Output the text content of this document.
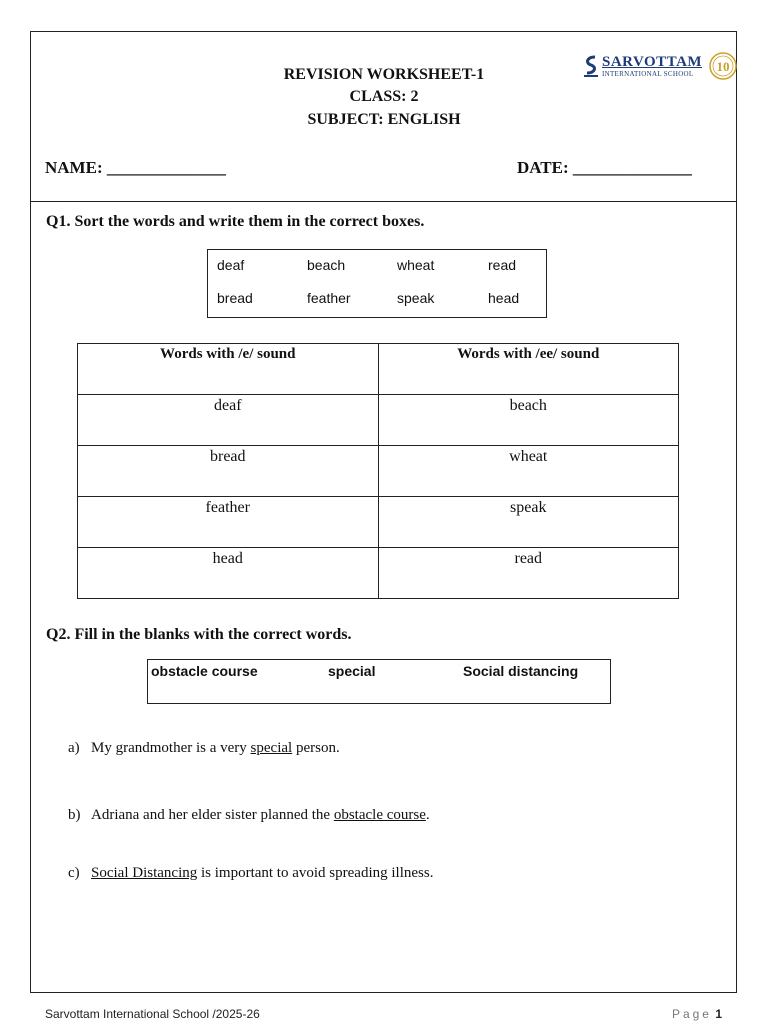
REVISION WORKSHEET-1
CLASS: 2
SUBJECT: ENGLISH
SARVOTTAM
INTERNATIONAL SCHOOL	10
NAME: ______________	DATE: ______________
Q1. Sort the words and write them in the correct boxes.
deaf	beach	wheat	read
bread	feather	speak	head
Words with /e/ sound	Words with /ee/ sound
deaf	beach
bread	wheat
feather	speak
head	read
Q2. Fill in the blanks with the correct words.
obstacle course	special	Social distancing
a) My grandmother is a very special person.
b) Adriana and her elder sister planned the obstacle course.
c) Social Distancing is important to avoid spreading illness.
Sarvottam International School /2025-26	Page 1
